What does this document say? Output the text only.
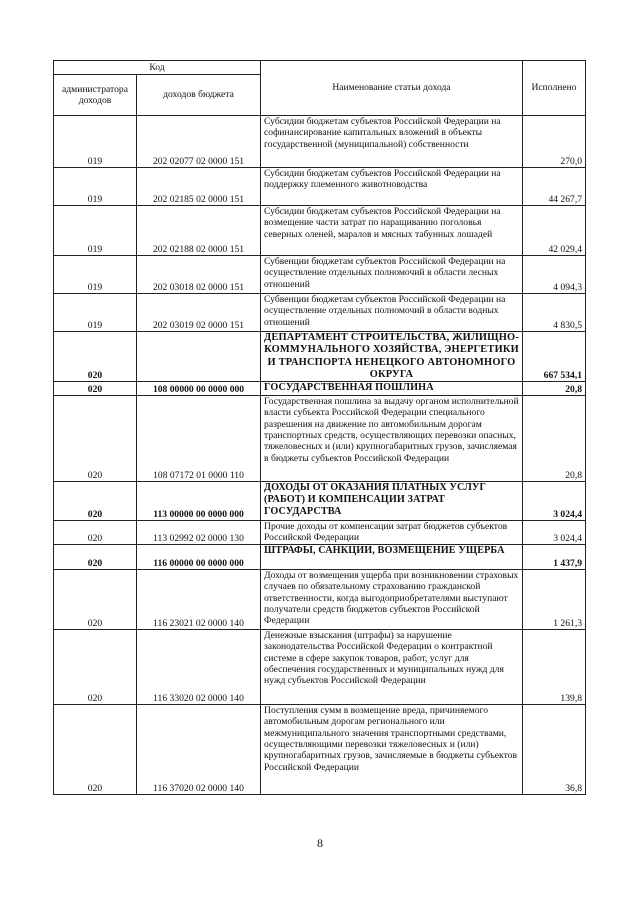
Код		Наименование статьи дохода	Исполнено
администратора доходов	доходов бюджета		
019	202 02077 02 0000 151	Субсидии бюджетам субъектов Российской Федерации на софинансирование капитальных вложений в объекты государственной (муниципальной) собственности	270,0
019	202 02185 02 0000 151	Субсидии бюджетам субъектов Российской Федерации на поддержку племенного животноводства	44 267,7
019	202 02188 02 0000 151	Субсидии бюджетам субъектов Российской Федерации на возмещение части затрат по наращиванию поголовья северных оленей, маралов и мясных табунных лошадей	42 029,4
019	202 03018 02 0000 151	Субвенции бюджетам субъектов Российской Федерации на осуществление отдельных полномочий в области лесных отношений	4 094,3
019	202 03019 02 0000 151	Субвенции бюджетам субъектов Российской Федерации на осуществление отдельных полномочий в области водных отношений	4 830,5
020		ДЕПАРТАМЕНТ СТРОИТЕЛЬСТВА, ЖИЛИЩНО-КОММУНАЛЬНОГО ХОЗЯЙСТВА, ЭНЕРГЕТИКИ И ТРАНСПОРТА НЕНЕЦКОГО АВТОНОМНОГО ОКРУГА	667 534,1
020	108 00000 00 0000 000	ГОСУДАРСТВЕННАЯ ПОШЛИНА	20,8
020	108 07172 01 0000 110	Государственная пошлина за выдачу органом исполнительной власти субъекта Российской Федерации специального разрешения на движение по автомобильным дорогам транспортных средств, осуществляющих перевозки опасных, тяжеловесных и (или) крупногабаритных грузов, зачисляемая в бюджеты субъектов Российской Федерации	20,8
020	113 00000 00 0000 000	ДОХОДЫ ОТ ОКАЗАНИЯ ПЛАТНЫХ УСЛУГ (РАБОТ) И КОМПЕНСАЦИИ ЗАТРАТ ГОСУДАРСТВА	3 024,4
020	113 02992 02 0000 130	Прочие доходы от компенсации затрат бюджетов субъектов Российской Федерации	3 024,4
020	116 00000 00 0000 000	ШТРАФЫ, САНКЦИИ, ВОЗМЕЩЕНИЕ УЩЕРБА	1 437,9
020	116 23021 02 0000 140	Доходы от возмещения ущерба при возникновении страховых случаев по обязательному страхованию гражданской ответственности, когда выгодоприобретателями выступают получатели средств бюджетов субъектов Российской Федерации	1 261,3
020	116 33020 02 0000 140	Денежные взыскания (штрафы) за нарушение законодательства Российской Федерации о контрактной системе в сфере закупок товаров, работ, услуг для обеспечения государственных и муниципальных нужд для нужд субъектов Российской Федерации	139,8
020	116 37020 02 0000 140	Поступления сумм в возмещение вреда, причиняемого автомобильным дорогам регионального или межмуниципального значения транспортными средствами, осуществляющими перевозки тяжеловесных и (или) крупногабаритных грузов, зачисляемые в бюджеты субъектов Российской Федерации	36,8
8
